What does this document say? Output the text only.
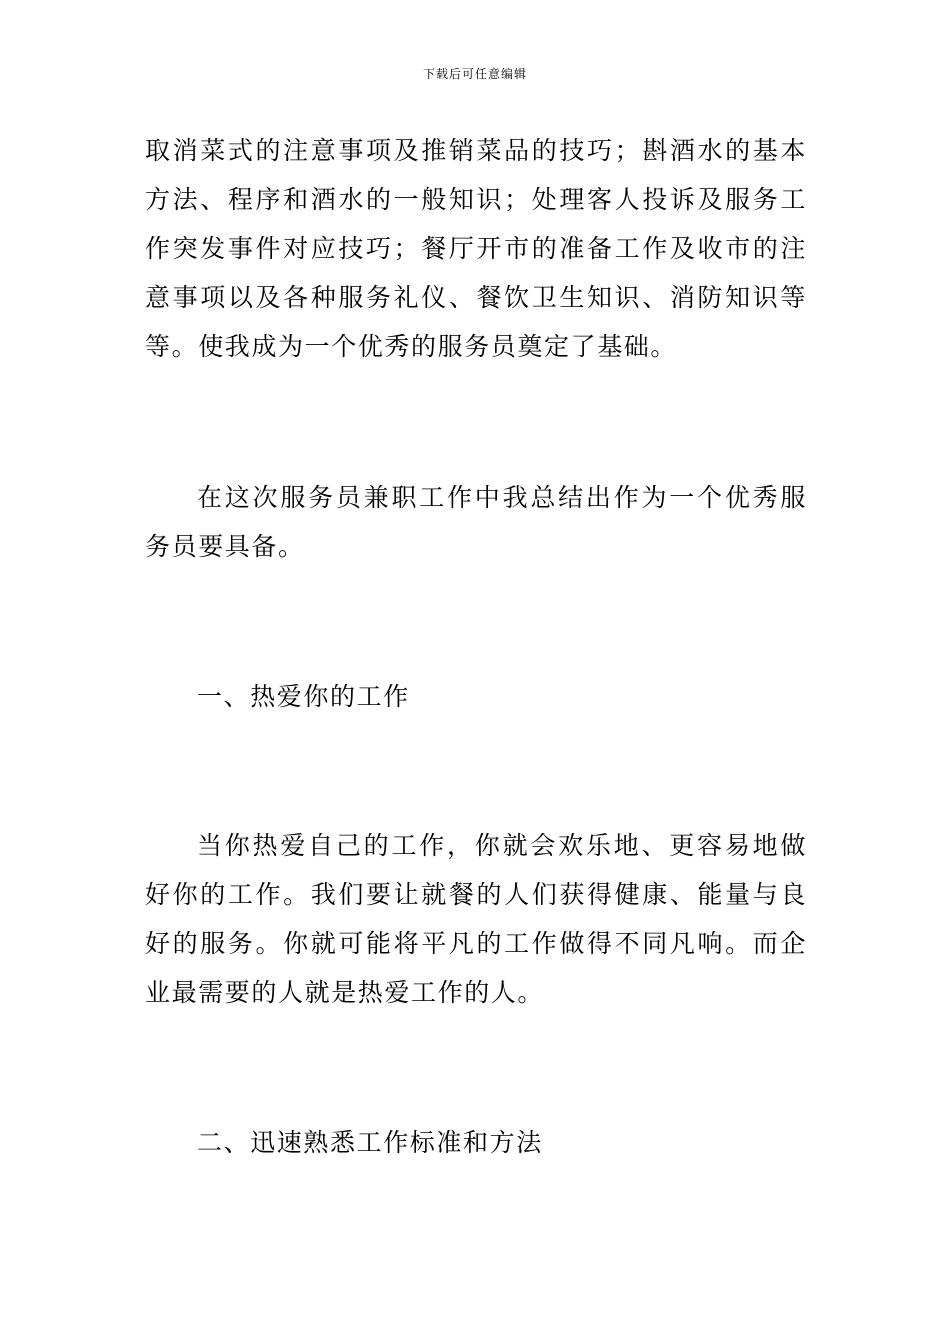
下载后可任意编辑

取消菜式的注意事项及推销菜品的技巧；斟酒水的基本方法、程序和酒水的一般知识；处理客人投诉及服务工作突发事件对应技巧；餐厅开市的准备工作及收市的注意事项以及各种服务礼仪、餐饮卫生知识、消防知识等等。使我成为一个优秀的服务员奠定了基础。

在这次服务员兼职工作中我总结出作为一个优秀服务员要具备。

一、热爱你的工作

当你热爱自己的工作，你就会欢乐地、更容易地做好你的工作。我们要让就餐的人们获得健康、能量与良好的服务。你就可能将平凡的工作做得不同凡响。而企业最需要的人就是热爱工作的人。

二、迅速熟悉工作标准和方法
